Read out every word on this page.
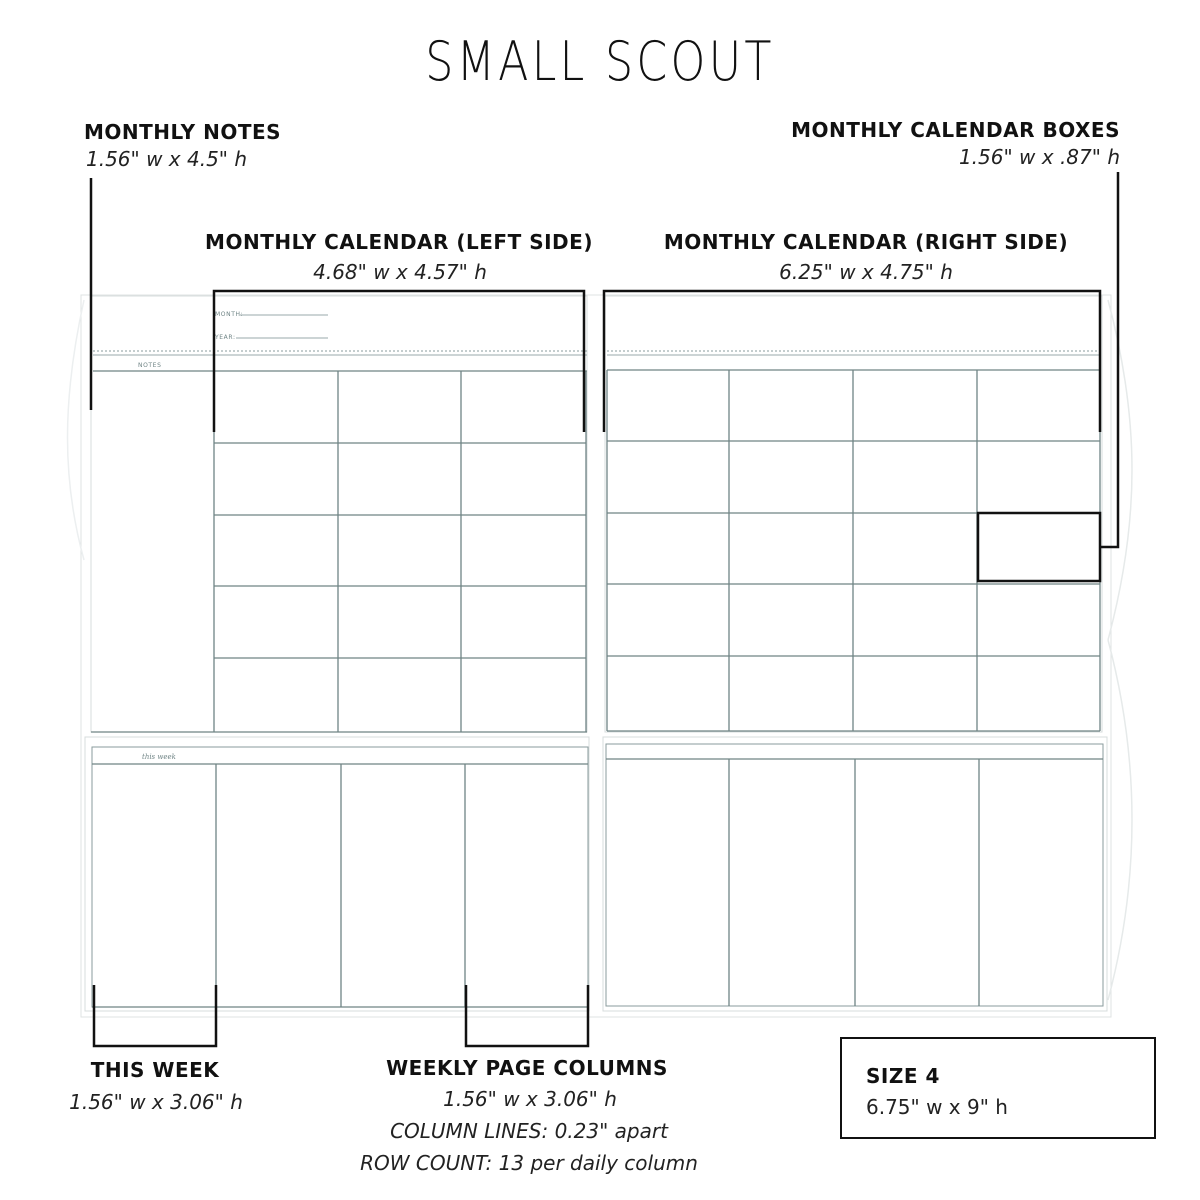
SMALL SCOUT
MONTH:
YEAR:
NOTES
this week
MONTHLY NOTES
1.56" w x 4.5" h
MONTHLY CALENDAR BOXES
1.56" w x .87" h
MONTHLY CALENDAR (LEFT SIDE)
4.68" w x 4.57" h
MONTHLY CALENDAR (RIGHT SIDE)
6.25" w x 4.75" h
THIS WEEK
1.56" w x 3.06" h
WEEKLY PAGE COLUMNS
1.56" w x 3.06" h
COLUMN LINES: 0.23" apart
ROW COUNT: 13 per daily column
SIZE 4
6.75" w x 9" h
